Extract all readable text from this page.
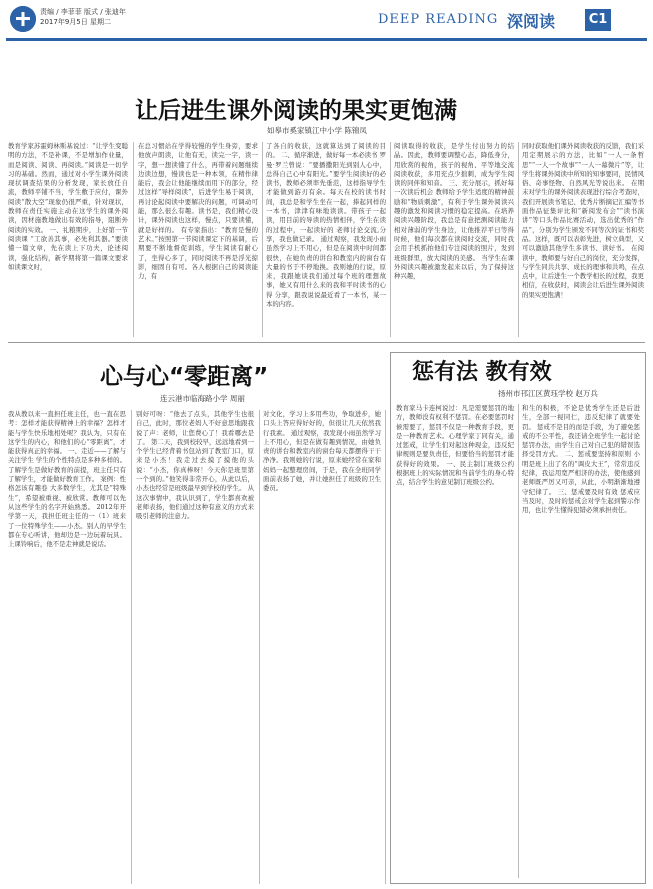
责编 / 李菲菲 版式 / 张迪年
2017年9月5日 星期二	DEEP READING 深阅读	C1
让后进生课外阅读的果实更饱满
如皋市奚家镇江中小学 陈锦凤
教育学家苏霍姆林斯基说过：“让学生变聪明的方法，不是补课，不是增加作业量，而是阅读、阅读、再阅读。”阅读是一切学习的基础。然而，通过对小学生课外阅读现状调查结果的分析发现，家长放任自流，教师平铺不当，学生敷于应付，课外阅读“散大空”现象仍很严重，针对现状，教师在责任实施主动在这学生的课外阅读，因材施教地做出有效的指导，阻断外阅读的实效。 一、礼粮期步，上好第一节阅读课 “工欲善其事，必先利其器。”要读懂一篇文章，先在读上下功夫，论述阅读，强化结构，新学期将第一篇课文要求如读课文时，
在总习惯站在学得较慢的学生身旁，要求他放声朗读，让他有无，读完一字，读一字，想一想读懂了什么，再带着问题继续边读边想，慢读也是一种本领，在精作律能后，我会让他能继续而用下的部分，经过这样“导样阅读”，后进学生易于阅读，再讨论起阅读中要解决的问题，可调动可能，那么很么有趣。读书是，我们精心设计，课外阅读也这样，慢点，只要读懂，就是好样的。 有专家指出：“教育是慢的艺术。”按照第一节阅读课定下的基调，后期要不断地督促训练，学生阅读有耐心了，坐得心多了，同时阅读不再是浮光掠影，细固自有可。各人根据自己的阅读能力，有
了各自的收获，这就算达到了阅读的目的。 二、循序渐进，做好每一本必读书 罗曼·罗兰曾说：“要播撒阳光到别人心中，总得自己心中有阳光。”要学生阅读好的必读书，教师必须率先垂范，这样指导学生才能做到游刃有余。每天在校的读书时间，我总是和学生坐在一起，捧起同样的一本书，津津有味地读读。带孩子一起读，用目前的导读的热情相伴，学生在读的过程中，一起读好的 老师讨论交流,分享，我也做记录。 通过观察，我发现小雨虽然学习上不用心，但是在阅读中时间都很快，在她负责的讲台和教室内的窗台有大量的书于不停地换。我则她的行说，原来，我跟她谈我们通过每个班的理想故事，她又有用什么来的我和平时读书的心得 分享，跟我说说最近看了一本书，某一本的内容。
阅读取得的收获，是学生付出努力的结晶。因此，教师要调整心态，降低身分，用欣赏的视角，孩子的视角、平等地交流阅读收获，多用充点少拙刺，成为学生阅读的同伴和知音。 三、充分展示，抓好每一次读后机会 教师给予学生适度的精神鼓励和“物质刺激”，有利于学生课外阅读兴趣的激发和阅读习惯的稳定提高。在培养阅读兴趣阶段，我总是有意把测阅读能力相对薄弱的学生身边，让他推荐平日等得时候，他们每次都在读阅时交流，同时我会用手机抓拍他们专注阅读的照片，发到班级群里，放大阅读的美感。 当学生在课外阅读兴趣被激发起来以后，为了保持这种兴趣，
同时获取他们课外阅读收获的反馈，我们采用定期展示的方法，比如“一人一条哲思”“一人一个故事”“一人一幕微片”等，让学生将课外阅读中所知的知事要同，民情风俗、奇事怪物、自然风光等说出来。 在期末对学生的课外阅读表现进行综合考查时，我们开展读书笔记、优秀片断摘记汇编等书面作品征集评比和“新阅发布会”“读书演讲”等口头作品比赛活动，选出优秀的“作品”，分别为学生颁发不同等次的证书和奖品。这样，既可以表彰先进，树立典型，又可以激励其他学生多读书、读好书。 在阅读中，教师要与好自己的岗位，充分发挥，与学生同共共享、成长的理事和共鸣，在点点中，让后进生一个教学相长的过程，我更相信，在收获时，阅读会让后进生课外阅读的果实更饱满！
心与心“零距离”
连云港市临海路小学 周丽
我从教以来一直担任班主任，也一直在思考：怎样才能获得精神上的幸福？怎样才能与学生快乐地相处呢？我认为，只有在这学生的内心，和他们的心“零距离”，才能获得真正的幸福。 一、走近——了解与关注学生 学生的个性特点是多种多样的。了解学生是做好教育的前提，班主任只有了解学生，才能做好教育工作。 案例：性格怎该有趣卷 大多数学生，尤其是“特殊生”，希望被重视、被欣赏。教师可以先从这些学生的名字开始熟悉。 2012年开学第一天，我担任班主任的一（1）班来了一位特殊学生——小杰。别人的早学生都在专心听讲，他却边是一边玩着玩具。上课铃响后，他不是走神就是说话。
别好可呀：“他去了点头，其他学生也很自己，此时，那位老妈人不好意思地跟我说了声：老师，让您费心了！我看哪去是了。 第二天，我到校较早，远远地看到一个学生已经背着书包站到了教室门口，原来是小杰！我走过去摸了摸他的头说：“小杰，你真棒呀！今天你是班里第一个到的。”他笑得非常开心，从此以后，小杰也经常是班级最早到学校的学生。 从这次事情中，我认识到了，学生都喜欢被老师表扬，他们通过这种有意义的方式来吸引老师的注意力。
对文化，学习上多用些功，争取进步，她口头上答应得好好的，但很让几天依然我行我素。 通过观察，我发现小雨虽然学习上不用心，但是在做有趣到情况，由她负责的讲台和教室内的窗台每天都摆得干干净净。我则她的行说，原来她经常在家和妈妈一起整理房间，于是，我在全班同学面前表扬了她，并让她担任了班级的卫生委员。
惩有法 教有效
扬州市邗江区黄珏学校 赵万兵
教育家马卡连柯说过：凡是需要惩罚的地方，教师没有权利不惩罚。在必要惩罚时候需要了，惩罚不仅是一种教育手段，更是一种教育艺术。心理学家丁同有关，通过惩戒，让学生们对起这种现金，违反纪律规则是要负责任，但要恰当的惩罚才能获得好的效果。 一、民主制订班级公约 根据班上的实际情况和当前学生的身心特点，结合学生的意见制订班级公约。
和生的积极，不论是优秀学生还是后进生，全部一视同仁，违反纪律了就要处罚。 惩戒不是目的而是手段，为了避免惩戒的不公平性，我还请全班学生一起讨论惩罚办法，由学生自己对自己犯的错误选择受罚方式。 二、惩戒要坚持和原则 小明是班上出了名的“调皮大王”，常常违反纪律，我运用宽严相济的办法，使他感到老师既严厉又可亲，从此，小明渐渐地遵守纪律了。 三、惩戒要及时有效 惩戒应当及时，及时的惩戒会对学生起到警示作用，也让学生懂得犯错必须承担责任。
